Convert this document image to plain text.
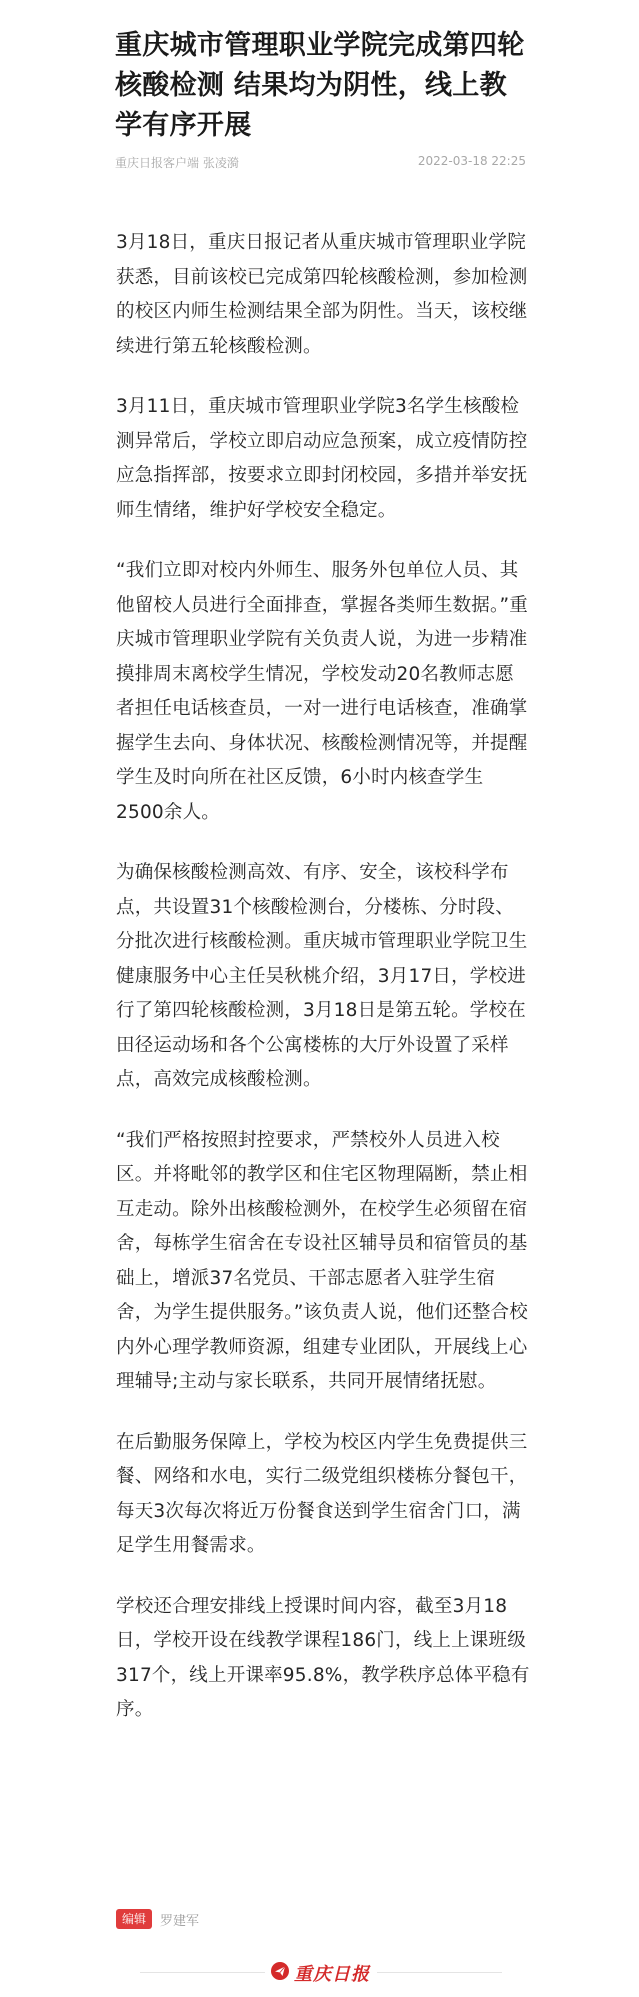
重庆城市管理职业学院完成第四轮核酸检测 结果均为阴性，线上教学有序开展
重庆日报客户端 张凌漪	2022-03-18 22:25

3月18日，重庆日报记者从重庆城市管理职业学院获悉，目前该校已完成第四轮核酸检测，参加检测的校区内师生检测结果全部为阴性。当天，该校继续进行第五轮核酸检测。

3月11日，重庆城市管理职业学院3名学生核酸检测异常后，学校立即启动应急预案，成立疫情防控应急指挥部，按要求立即封闭校园，多措并举安抚师生情绪，维护好学校安全稳定。

“我们立即对校内外师生、服务外包单位人员、其他留校人员进行全面排查，掌握各类师生数据。”重庆城市管理职业学院有关负责人说，为进一步精准摸排周末离校学生情况，学校发动20名教师志愿者担任电话核查员，一对一进行电话核查，准确掌握学生去向、身体状况、核酸检测情况等，并提醒学生及时向所在社区反馈，6小时内核查学生2500余人。

为确保核酸检测高效、有序、安全，该校科学布点，共设置31个核酸检测台，分楼栋、分时段、分批次进行核酸检测。重庆城市管理职业学院卫生健康服务中心主任吴秋桃介绍，3月17日，学校进行了第四轮核酸检测，3月18日是第五轮。学校在田径运动场和各个公寓楼栋的大厅外设置了采样点，高效完成核酸检测。

“我们严格按照封控要求，严禁校外人员进入校区。并将毗邻的教学区和住宅区物理隔断，禁止相互走动。除外出核酸检测外，在校学生必须留在宿舍，每栋学生宿舍在专设社区辅导员和宿管员的基础上，增派37名党员、干部志愿者入驻学生宿舍，为学生提供服务。”该负责人说，他们还整合校内外心理学教师资源，组建专业团队，开展线上心理辅导;主动与家长联系，共同开展情绪抚慰。

在后勤服务保障上，学校为校区内学生免费提供三餐、网络和水电，实行二级党组织楼栋分餐包干，每天3次每次将近万份餐食送到学生宿舍门口，满足学生用餐需求。

学校还合理安排线上授课时间内容，截至3月18日，学校开设在线教学课程186门，线上上课班级317个，线上开课率95.8%，教学秩序总体平稳有序。

编辑	罗建军
重庆日报
